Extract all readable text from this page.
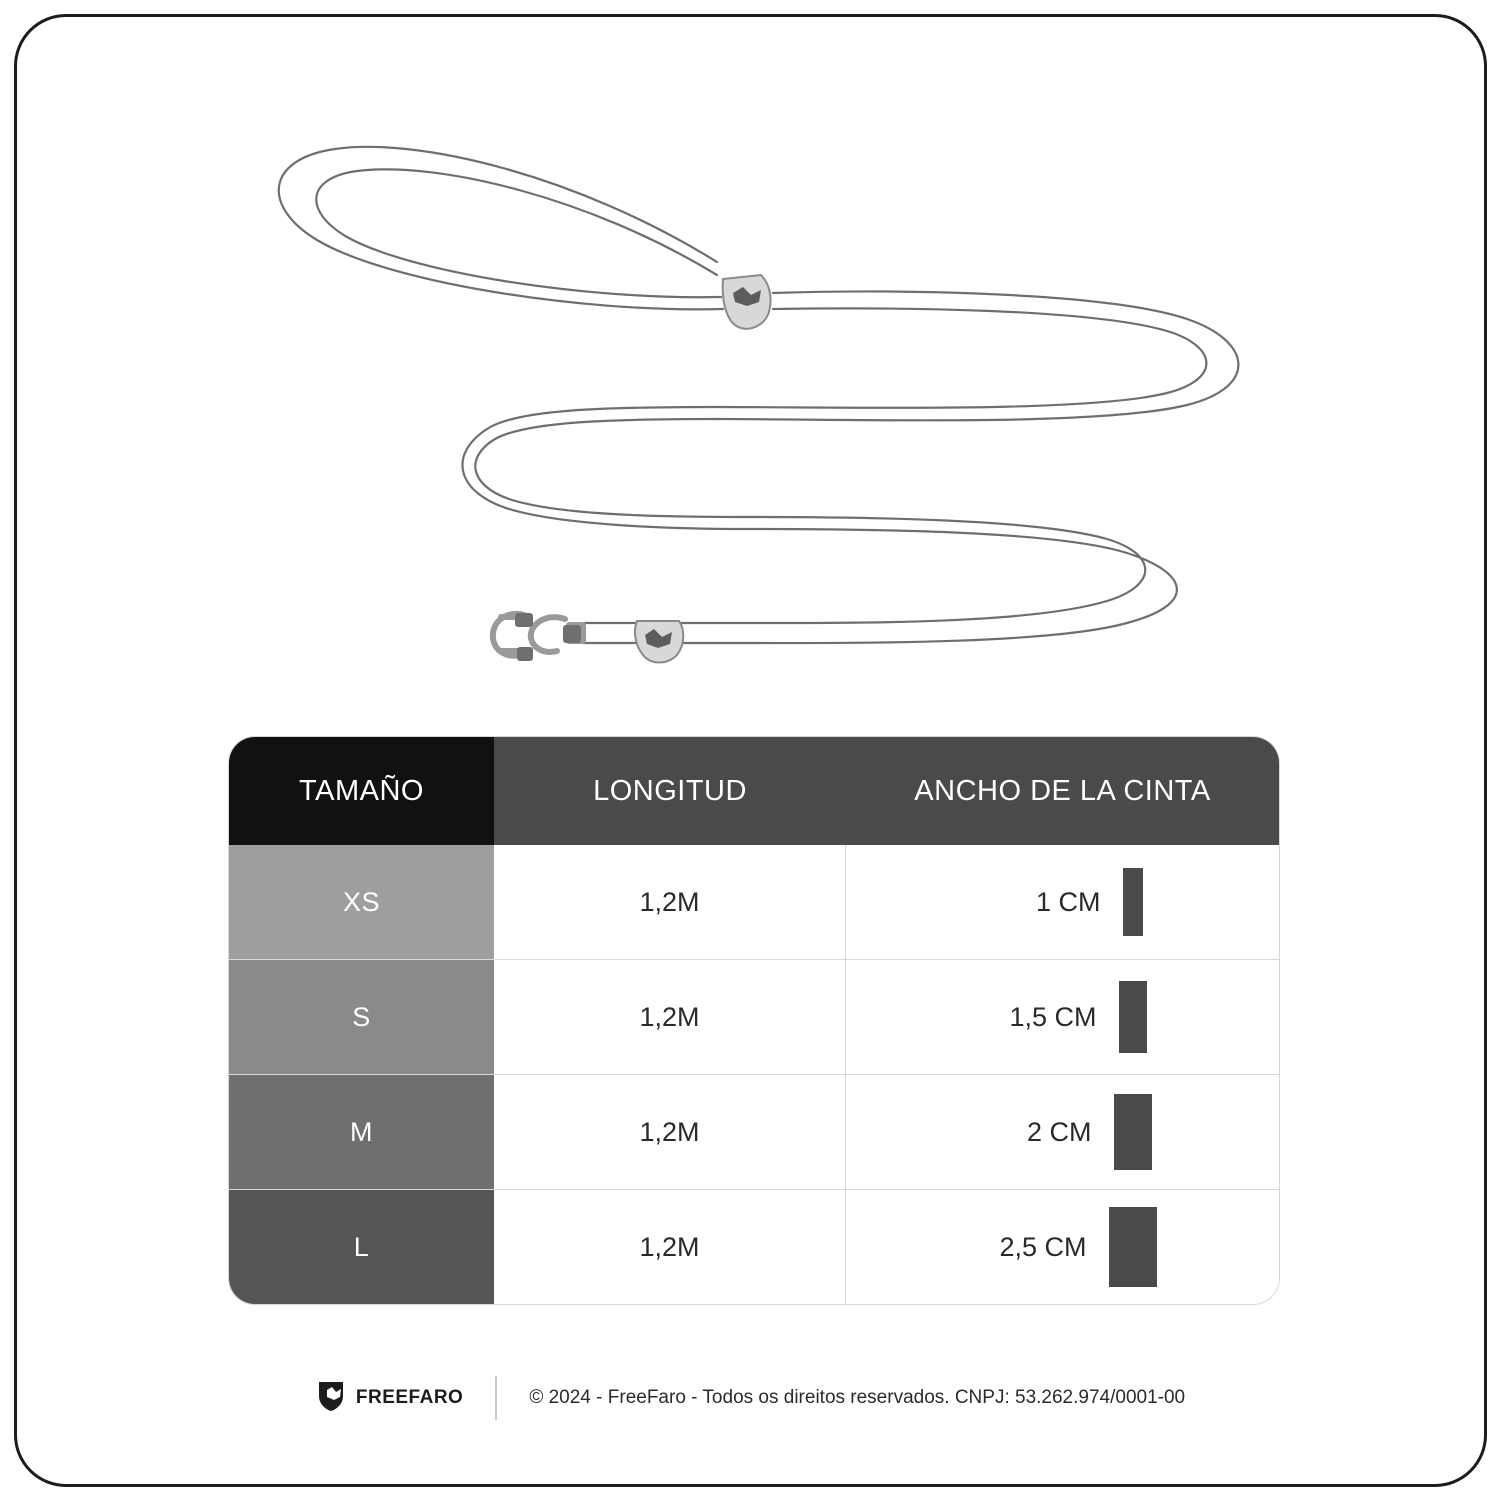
TAMAÑO	LONGITUD	ANCHO DE LA CINTA
XS	1,2M	1 CM

S	1,2M	1,5 CM

M	1,2M	2 CM

L	1,2M	2,5 CM
FREEFARO	© 2024 - FreeFaro - Todos os direitos reservados. CNPJ: 53.262.974/0001-00
